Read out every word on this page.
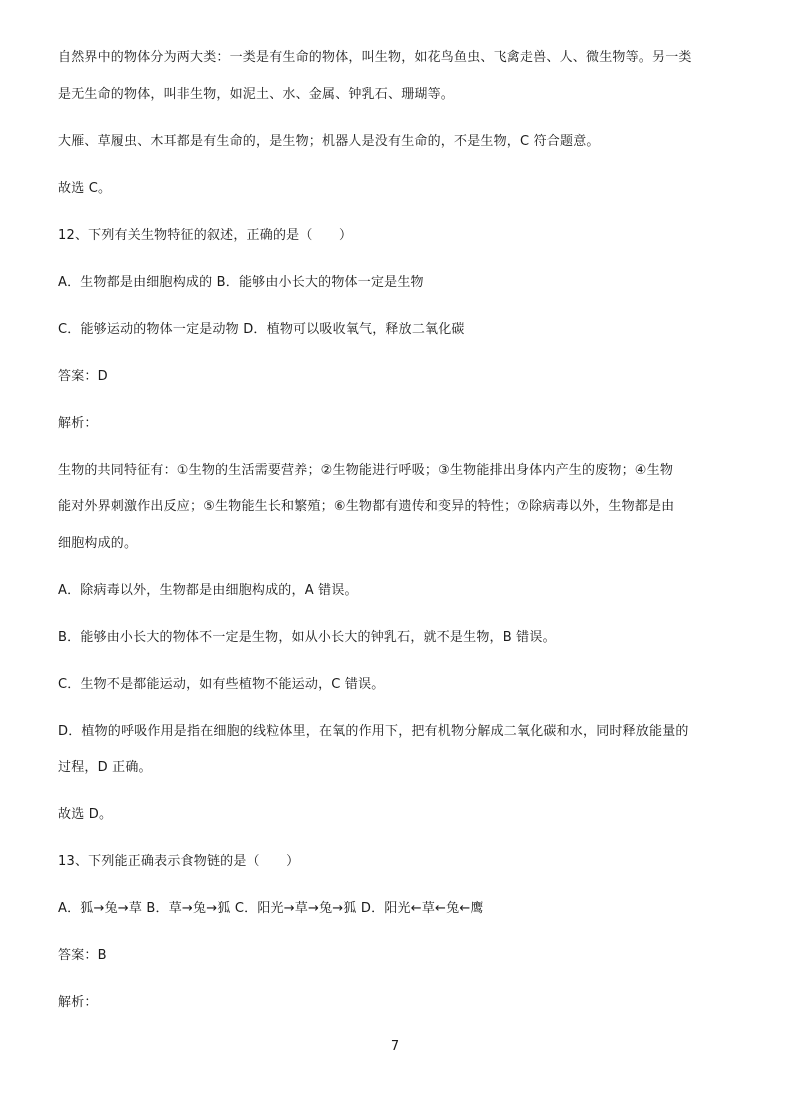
自然界中的物体分为两大类：一类是有生命的物体，叫生物，如花鸟鱼虫、飞禽走兽、人、微生物等。另一类
是无生命的物体，叫非生物，如泥土、水、金属、钟乳石、珊瑚等。
大雁、草履虫、木耳都是有生命的，是生物；机器人是没有生命的，不是生物，C 符合题意。
故选 C。
12、下列有关生物特征的叙述，正确的是（　　）
A．生物都是由细胞构成的 B．能够由小长大的物体一定是生物
C．能够运动的物体一定是动物 D．植物可以吸收氧气，释放二氧化碳
答案：D
解析：
生物的共同特征有：①生物的生活需要营养；②生物能进行呼吸；③生物能排出身体内产生的废物；④生物
能对外界刺激作出反应；⑤生物能生长和繁殖；⑥生物都有遗传和变异的特性；⑦除病毒以外，生物都是由
细胞构成的。
A．除病毒以外，生物都是由细胞构成的，A 错误。
B．能够由小长大的物体不一定是生物，如从小长大的钟乳石，就不是生物，B 错误。
C．生物不是都能运动，如有些植物不能运动，C 错误。
D．植物的呼吸作用是指在细胞的线粒体里，在氧的作用下，把有机物分解成二氧化碳和水，同时释放能量的
过程，D 正确。
故选 D。
13、下列能正确表示食物链的是（　　）
A．狐→兔→草 B．草→兔→狐 C．阳光→草→兔→狐 D．阳光←草←兔←鹰
答案：B
解析：
7
